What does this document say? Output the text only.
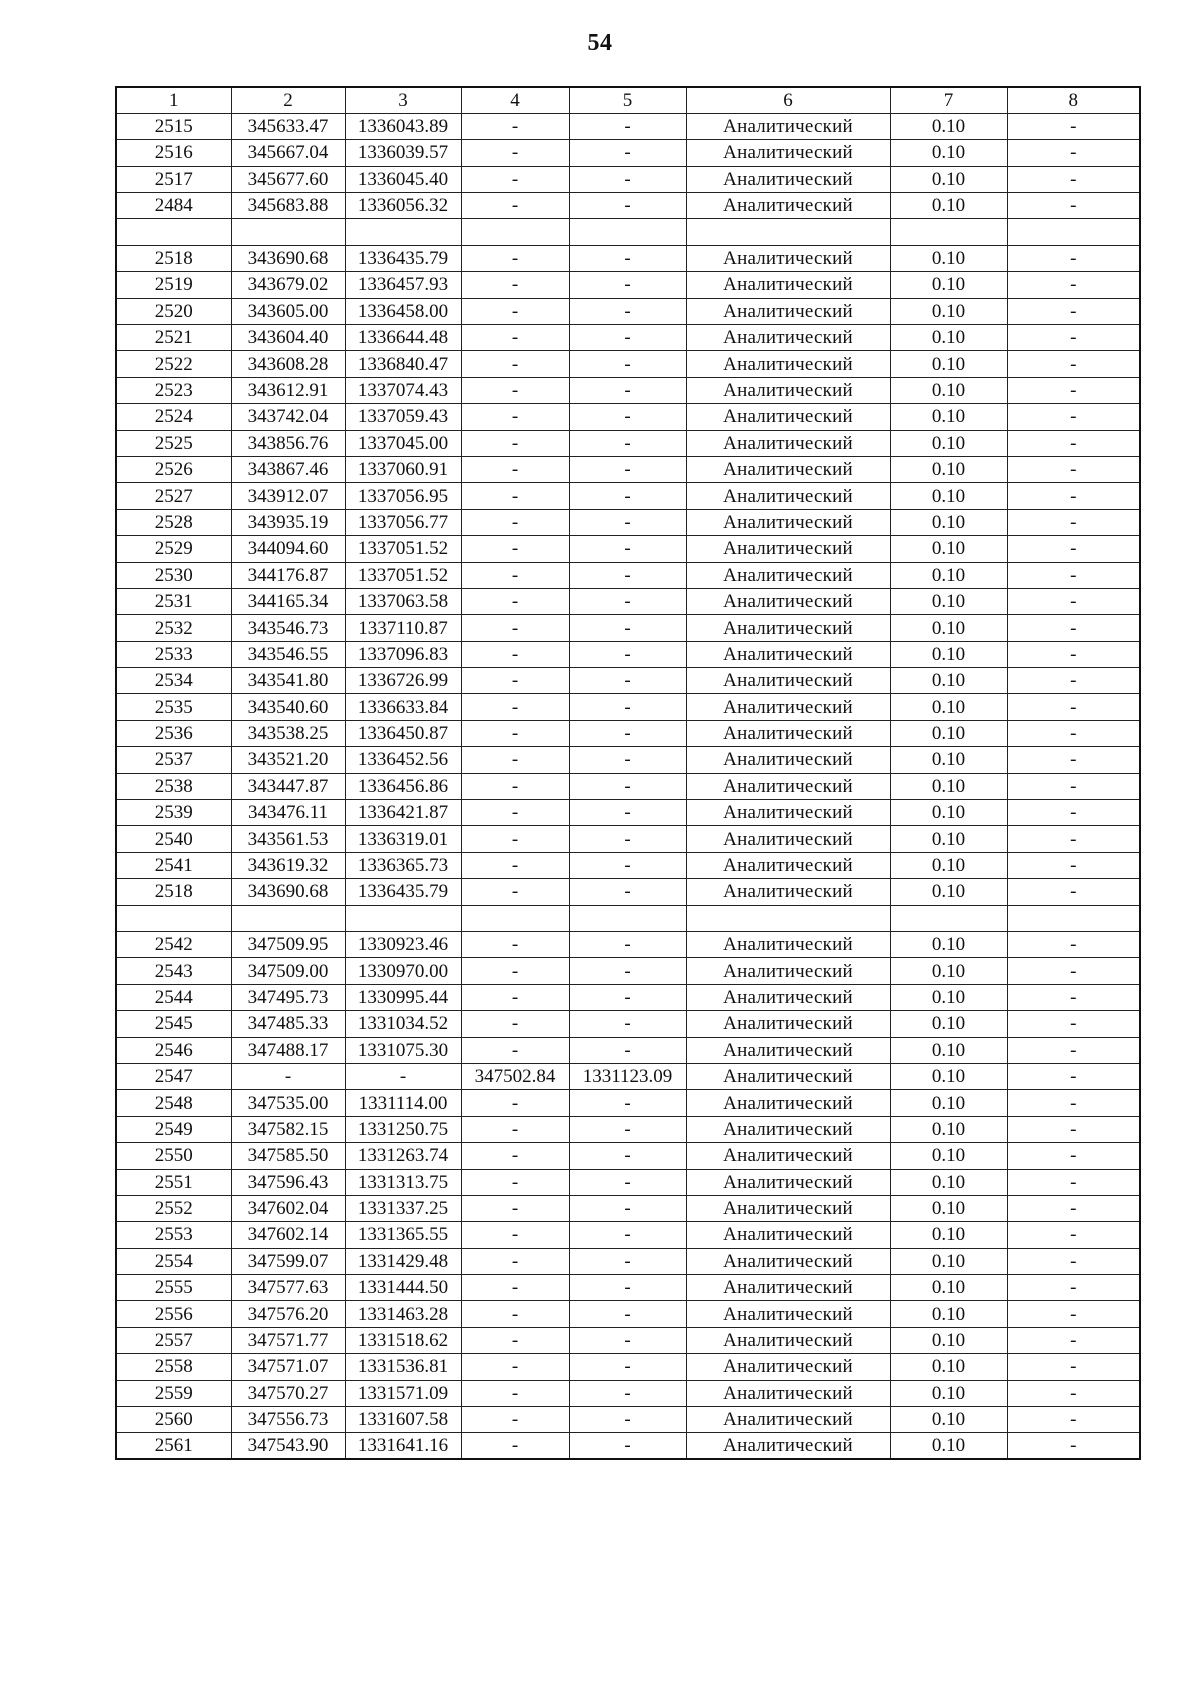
54
1	2	3	4	5	6	7	8
2515	345633.47	1336043.89	-	-	Аналитический	0.10	-
2516	345667.04	1336039.57	-	-	Аналитический	0.10	-
2517	345677.60	1336045.40	-	-	Аналитический	0.10	-
2484	345683.88	1336056.32	-	-	Аналитический	0.10	-

2518	343690.68	1336435.79	-	-	Аналитический	0.10	-
2519	343679.02	1336457.93	-	-	Аналитический	0.10	-
2520	343605.00	1336458.00	-	-	Аналитический	0.10	-
2521	343604.40	1336644.48	-	-	Аналитический	0.10	-
2522	343608.28	1336840.47	-	-	Аналитический	0.10	-
2523	343612.91	1337074.43	-	-	Аналитический	0.10	-
2524	343742.04	1337059.43	-	-	Аналитический	0.10	-
2525	343856.76	1337045.00	-	-	Аналитический	0.10	-
2526	343867.46	1337060.91	-	-	Аналитический	0.10	-
2527	343912.07	1337056.95	-	-	Аналитический	0.10	-
2528	343935.19	1337056.77	-	-	Аналитический	0.10	-
2529	344094.60	1337051.52	-	-	Аналитический	0.10	-
2530	344176.87	1337051.52	-	-	Аналитический	0.10	-
2531	344165.34	1337063.58	-	-	Аналитический	0.10	-
2532	343546.73	1337110.87	-	-	Аналитический	0.10	-
2533	343546.55	1337096.83	-	-	Аналитический	0.10	-
2534	343541.80	1336726.99	-	-	Аналитический	0.10	-
2535	343540.60	1336633.84	-	-	Аналитический	0.10	-
2536	343538.25	1336450.87	-	-	Аналитический	0.10	-
2537	343521.20	1336452.56	-	-	Аналитический	0.10	-
2538	343447.87	1336456.86	-	-	Аналитический	0.10	-
2539	343476.11	1336421.87	-	-	Аналитический	0.10	-
2540	343561.53	1336319.01	-	-	Аналитический	0.10	-
2541	343619.32	1336365.73	-	-	Аналитический	0.10	-
2518	343690.68	1336435.79	-	-	Аналитический	0.10	-

2542	347509.95	1330923.46	-	-	Аналитический	0.10	-
2543	347509.00	1330970.00	-	-	Аналитический	0.10	-
2544	347495.73	1330995.44	-	-	Аналитический	0.10	-
2545	347485.33	1331034.52	-	-	Аналитический	0.10	-
2546	347488.17	1331075.30	-	-	Аналитический	0.10	-
2547	-	-	347502.84	1331123.09	Аналитический	0.10	-
2548	347535.00	1331114.00	-	-	Аналитический	0.10	-
2549	347582.15	1331250.75	-	-	Аналитический	0.10	-
2550	347585.50	1331263.74	-	-	Аналитический	0.10	-
2551	347596.43	1331313.75	-	-	Аналитический	0.10	-
2552	347602.04	1331337.25	-	-	Аналитический	0.10	-
2553	347602.14	1331365.55	-	-	Аналитический	0.10	-
2554	347599.07	1331429.48	-	-	Аналитический	0.10	-
2555	347577.63	1331444.50	-	-	Аналитический	0.10	-
2556	347576.20	1331463.28	-	-	Аналитический	0.10	-
2557	347571.77	1331518.62	-	-	Аналитический	0.10	-
2558	347571.07	1331536.81	-	-	Аналитический	0.10	-
2559	347570.27	1331571.09	-	-	Аналитический	0.10	-
2560	347556.73	1331607.58	-	-	Аналитический	0.10	-
2561	347543.90	1331641.16	-	-	Аналитический	0.10	-
